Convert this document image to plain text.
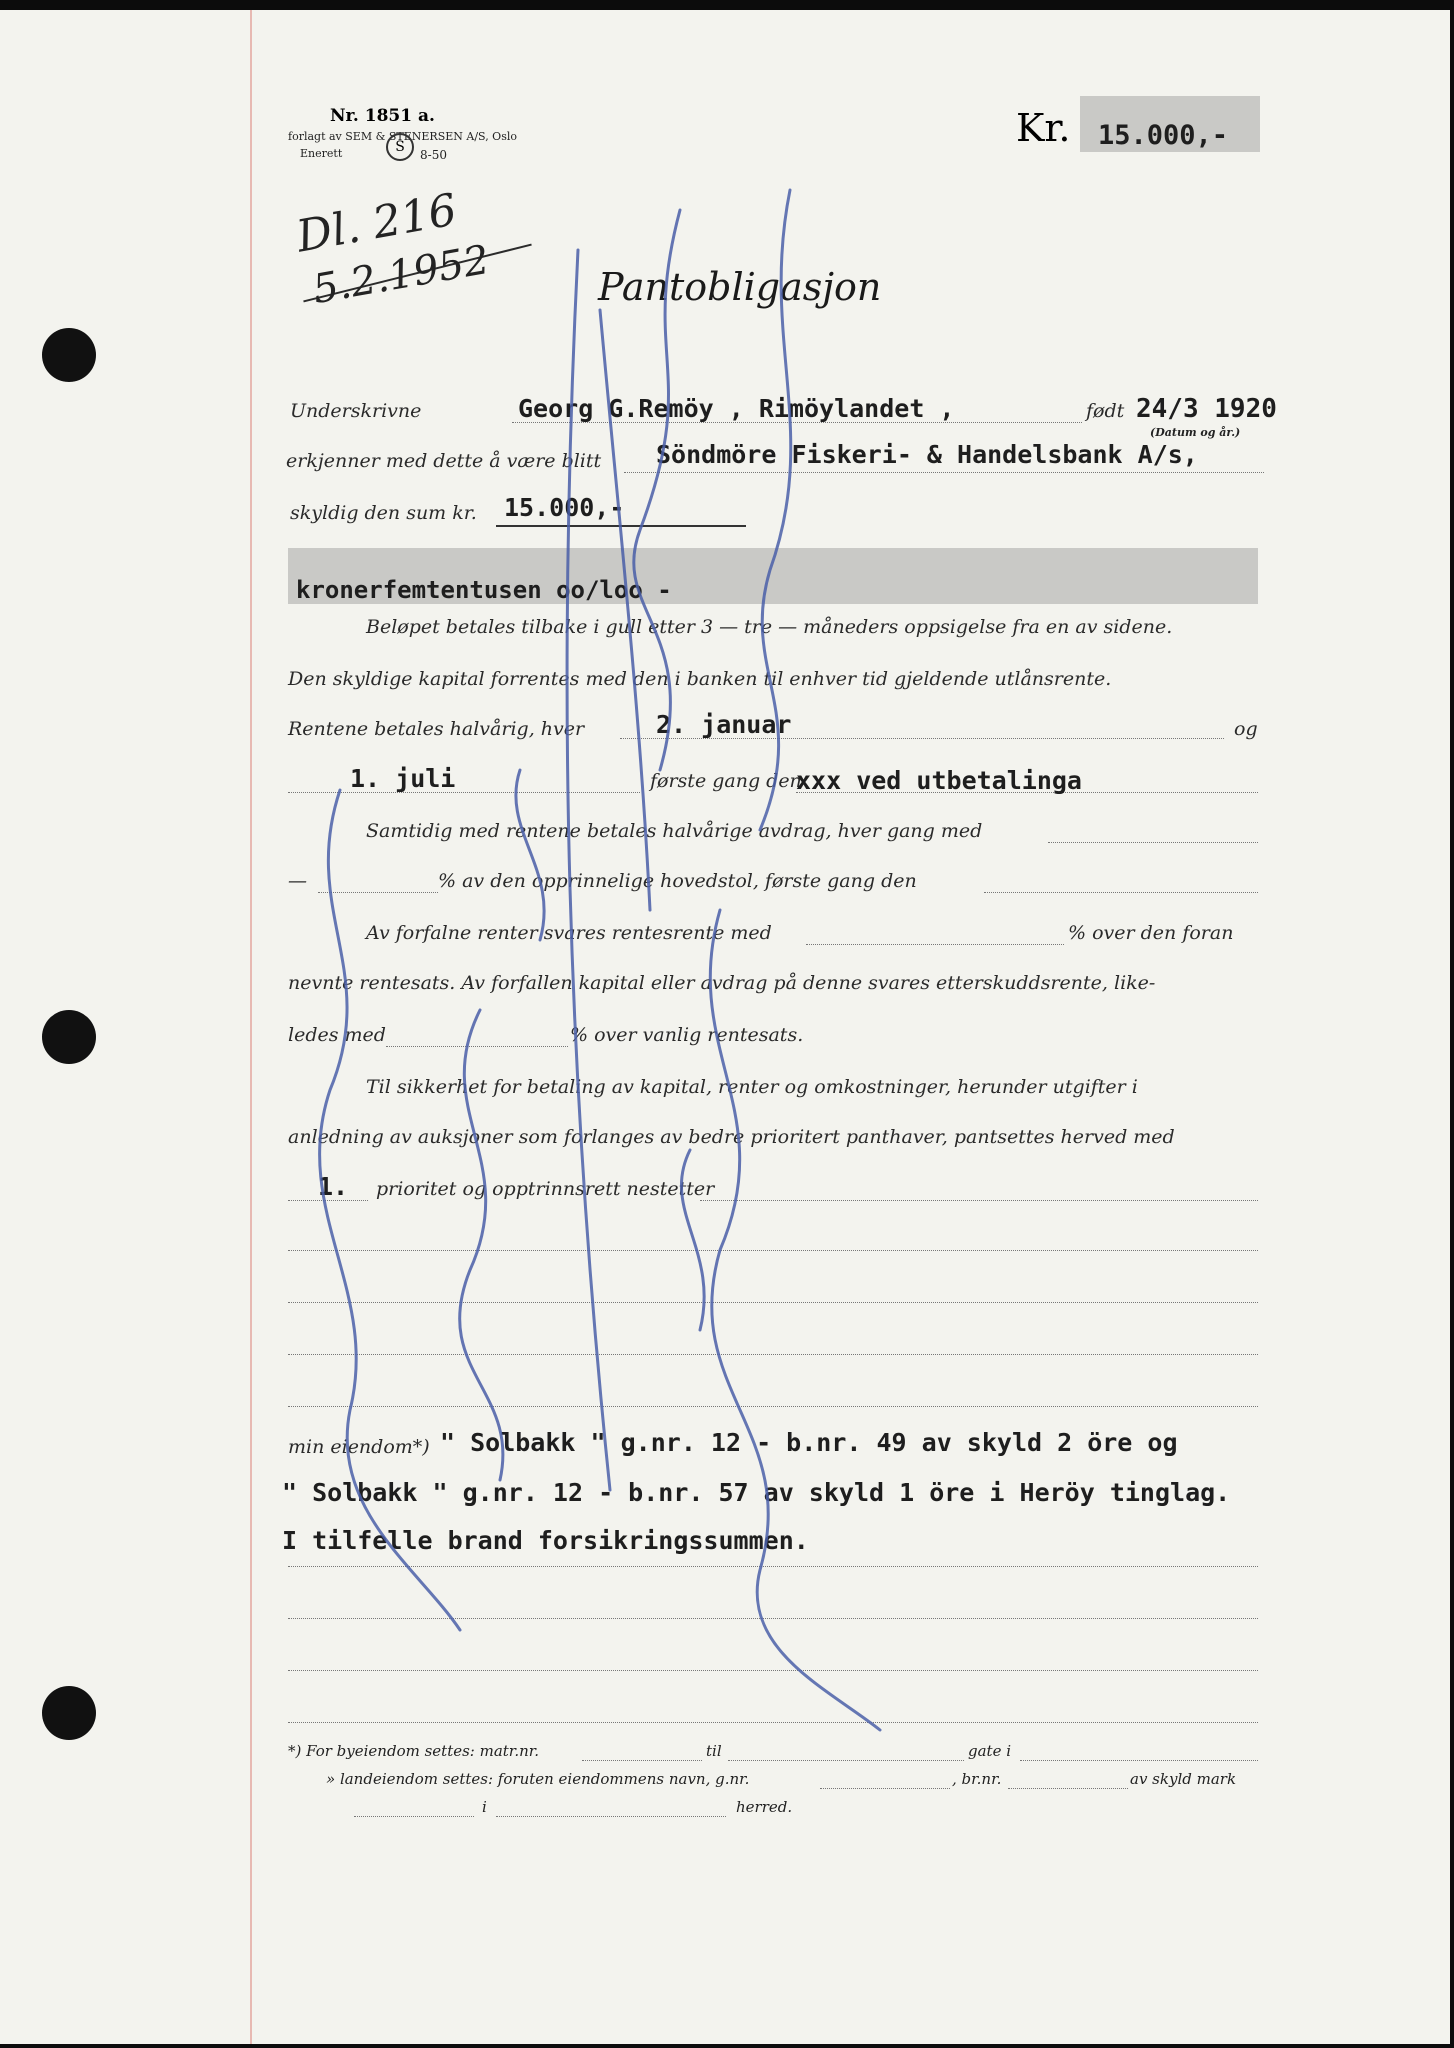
Nr. 1851 a.
forlagt av SEM & STENERSEN A/S, Oslo
Enerett	8-50
S	Kr. 15.000,-
Dl. 216
5.2.1952	Pantobligasjon
Underskrivne	Georg G.Remöy , Rimöylandet ,	født 24/3 1920
(Datum og år.)
erkjenner med dette å være blitt Söndmöre Fiskeri- & Handelsbank A/s,
skyldig den sum kr. 15.000,-
kronerfemtentusen oo/loo -
Beløpet betales tilbake i gull etter 3 — tre — måneders oppsigelse fra en av sidene.
Den skyldige kapital forrentes med den i banken til enhver tid gjeldende utlånsrente.
Rentene betales halvårig, hver	2. januar	og
1. juli	første gang den
xxx ved utbetalinga
Samtidig med rentene betales halvårige avdrag, hver gang med
—	% av den opprinnelige hovedstol, første gang den
Av forfalne renter svares rentesrente med	% over den foran
nevnte rentesats. Av forfallen kapital eller avdrag på denne svares etterskuddsrente, like-
ledes med	% over vanlig rentesats.
Til sikkerhet for betaling av kapital, renter og omkostninger, herunder utgifter i
anledning av auksjoner som forlanges av bedre prioritert panthaver, pantsettes herved med
1. prioritet og opptrinnsrett nestetter
min eiendom*) " Solbakk " g.nr. 12 - b.nr. 49 av skyld 2 öre og
" Solbakk " g.nr. 12 - b.nr. 57 av skyld 1 öre i Heröy tinglag.
I tilfelle brand forsikringssummen.
*) For byeiendom settes: matr.nr.	til	gate i
» landeiendom settes: foruten eiendommens navn, g.nr.	, br.nr.	av skyld mark
i	herred.
